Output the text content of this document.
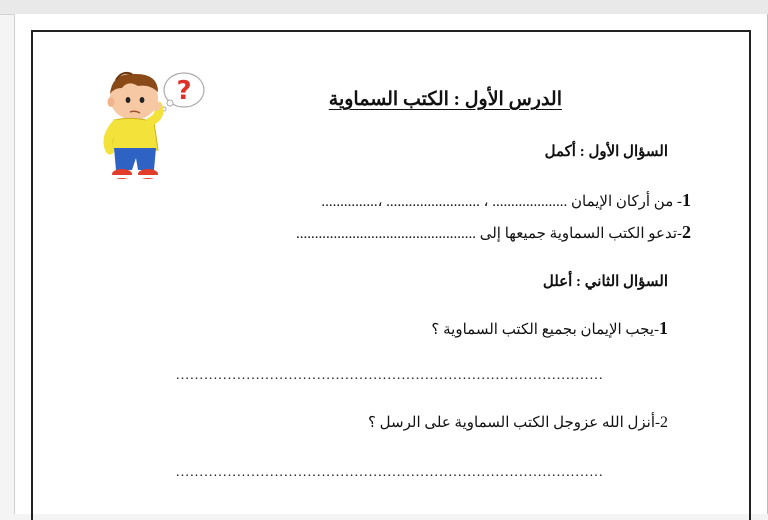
?	الدرس الأول : الكتب السماوية
السؤال الأول : أكمل
1- من أركان الإيمان .................... ، ......................... ،...............
2-تدعو الكتب السماوية جميعها إلى ................................................
السؤال الثاني : أعلل
1-يجب الإيمان بجميع الكتب السماوية ؟
...........................................................................................
2-أنزل الله عزوجل الكتب السماوية على الرسل ؟
...........................................................................................
